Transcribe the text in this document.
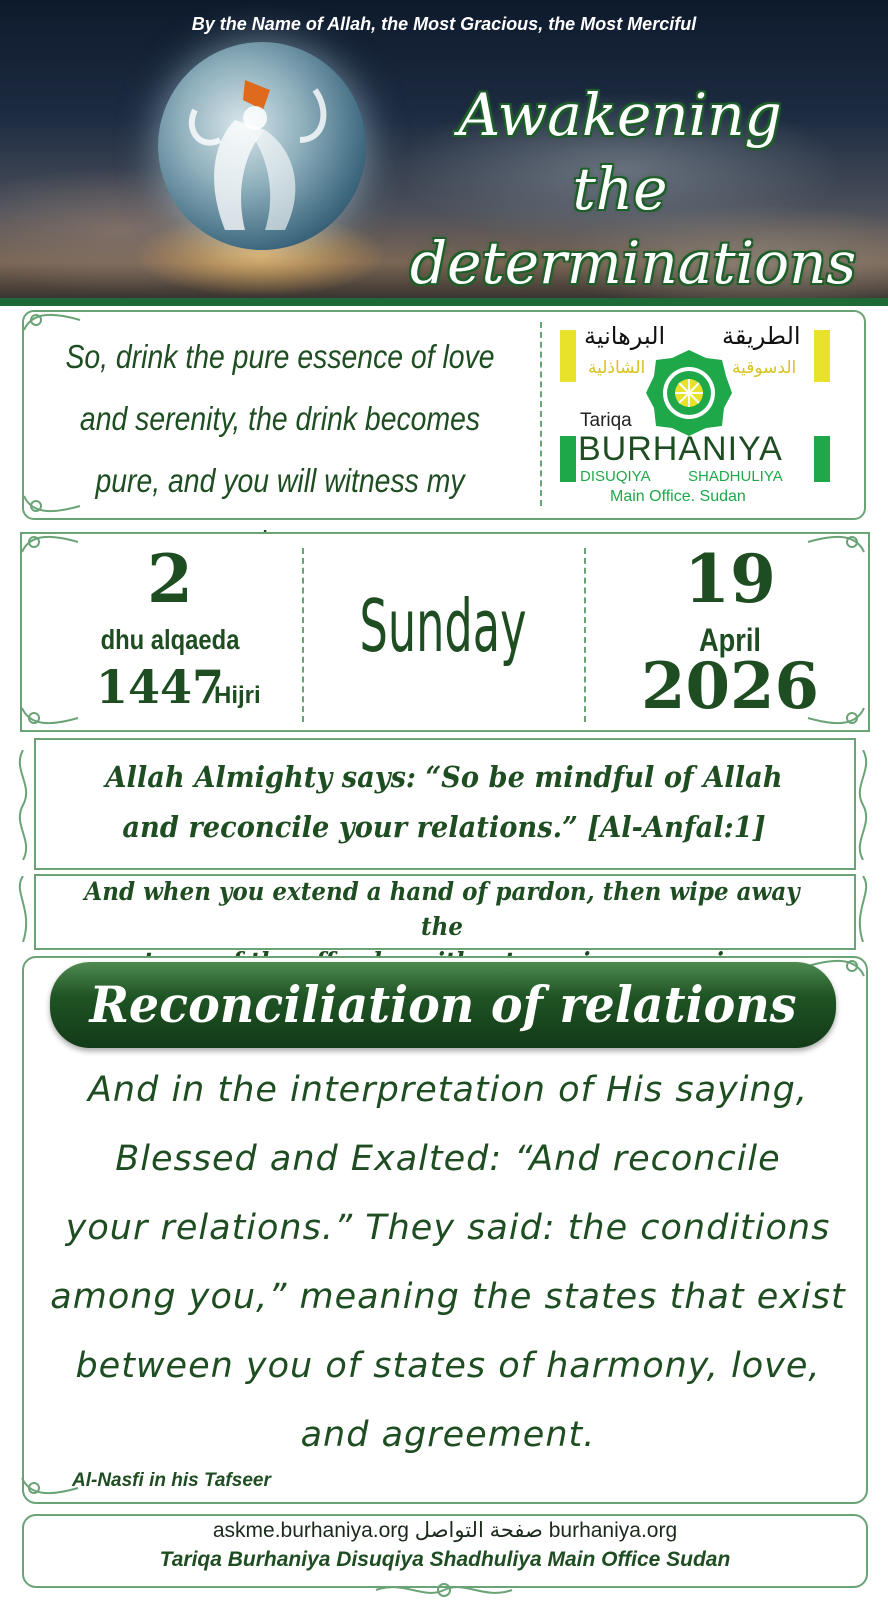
By the Name of Allah, the Most Gracious, the Most Merciful
Awakening the
determinations
So, drink the pure essence of love and serenity, the drink becomes pure, and you will witness my
البرهانية الطريقة
الشاذلية	الدسوقية
Tariqa
BURHANIYA
DISUQIYA SHADHULIYA
Main Office. Sudan
2
dhu alqaeda
1447
Hijri
Sunday
19
April
2026
Allah Almighty says: “So be mindful of Allah
and reconcile your relations.” [Al-Anfal:1]
And when you extend a hand of pardon, then wipe away the
Reconciliation of relations
And in the interpretation of His saying,
Blessed and Exalted: “And reconcile
your relations.” They said: the conditions
among you,” meaning the states that exist
between you of states of harmony, love,
and agreement.
Al-Nasfi in his Tafseer
askme.burhaniya.org صفحة التواصل burhaniya.org
Tariqa Burhaniya Disuqiya Shadhuliya Main Office Sudan
